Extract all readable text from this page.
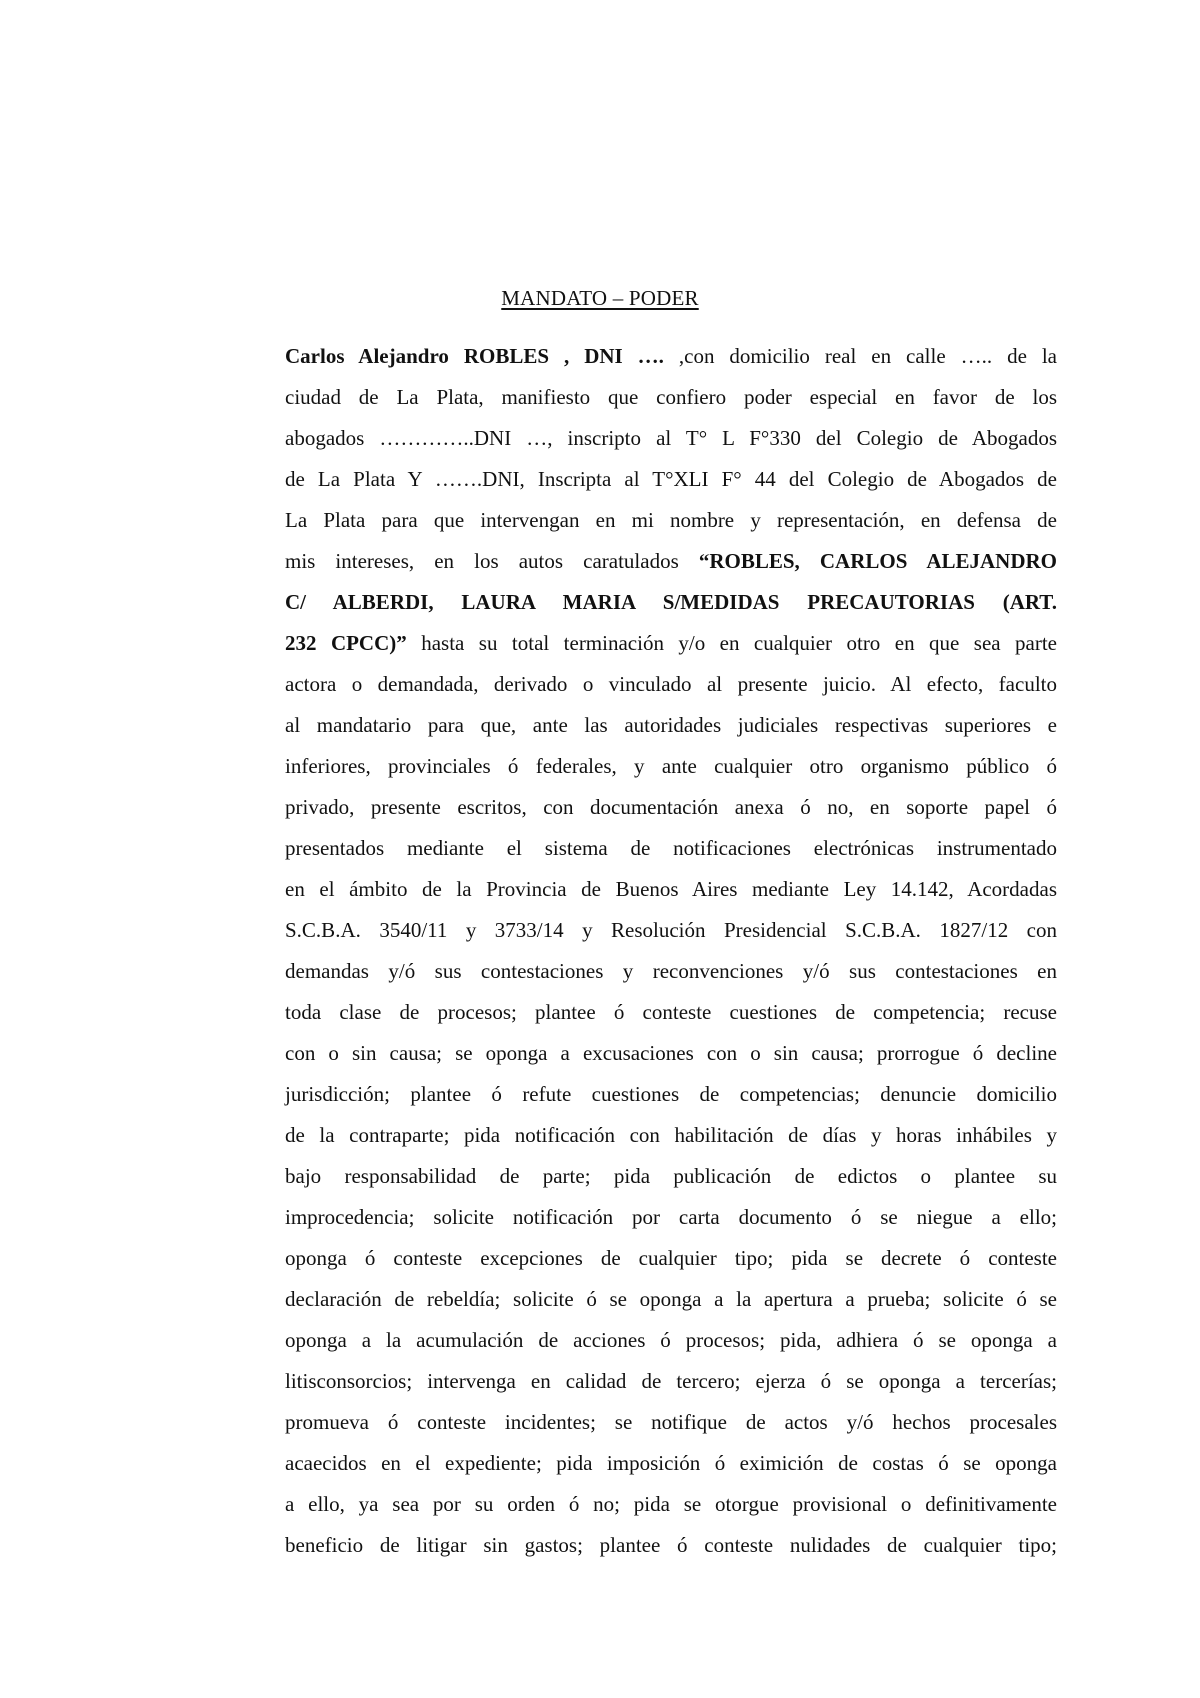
MANDATO – PODER
Carlos Alejandro ROBLES , DNI …. ,con domicilio real en calle ….. de la
ciudad de La Plata, manifiesto que confiero poder especial en favor de los
abogados …………..DNI …, inscripto al T° L F°330 del Colegio de Abogados
de La Plata Y …….DNI, Inscripta al T°XLI F° 44 del Colegio de Abogados de
La Plata para que intervengan en mi nombre y representación, en defensa de
mis intereses, en los autos caratulados “ROBLES, CARLOS ALEJANDRO
C/ ALBERDI, LAURA MARIA S/MEDIDAS PRECAUTORIAS (ART.
232 CPCC)” hasta su total terminación y/o en cualquier otro en que sea parte
actora o demandada, derivado o vinculado al presente juicio. Al efecto, faculto
al mandatario para que, ante las autoridades judiciales respectivas superiores e
inferiores, provinciales ó federales, y ante cualquier otro organismo público ó
privado, presente escritos, con documentación anexa ó no, en soporte papel ó
presentados mediante el sistema de notificaciones electrónicas instrumentado
en el ámbito de la Provincia de Buenos Aires mediante Ley 14.142, Acordadas
S.C.B.A. 3540/11 y 3733/14 y Resolución Presidencial S.C.B.A. 1827/12 con
demandas y/ó sus contestaciones y reconvenciones y/ó sus contestaciones en
toda clase de procesos; plantee ó conteste cuestiones de competencia; recuse
con o sin causa; se oponga a excusaciones con o sin causa; prorrogue ó decline
jurisdicción; plantee ó refute cuestiones de competencias; denuncie domicilio
de la contraparte; pida notificación con habilitación de días y horas inhábiles y
bajo responsabilidad de parte; pida publicación de edictos o plantee su
improcedencia; solicite notificación por carta documento ó se niegue a ello;
oponga ó conteste excepciones de cualquier tipo; pida se decrete ó conteste
declaración de rebeldía; solicite ó se oponga a la apertura a prueba; solicite ó se
oponga a la acumulación de acciones ó procesos; pida, adhiera ó se oponga a
litisconsorcios; intervenga en calidad de tercero; ejerza ó se oponga a tercerías;
promueva ó conteste incidentes; se notifique de actos y/ó hechos procesales
acaecidos en el expediente; pida imposición ó eximición de costas ó se oponga
a ello, ya sea por su orden ó no; pida se otorgue provisional o definitivamente
beneficio de litigar sin gastos; plantee ó conteste nulidades de cualquier tipo;
